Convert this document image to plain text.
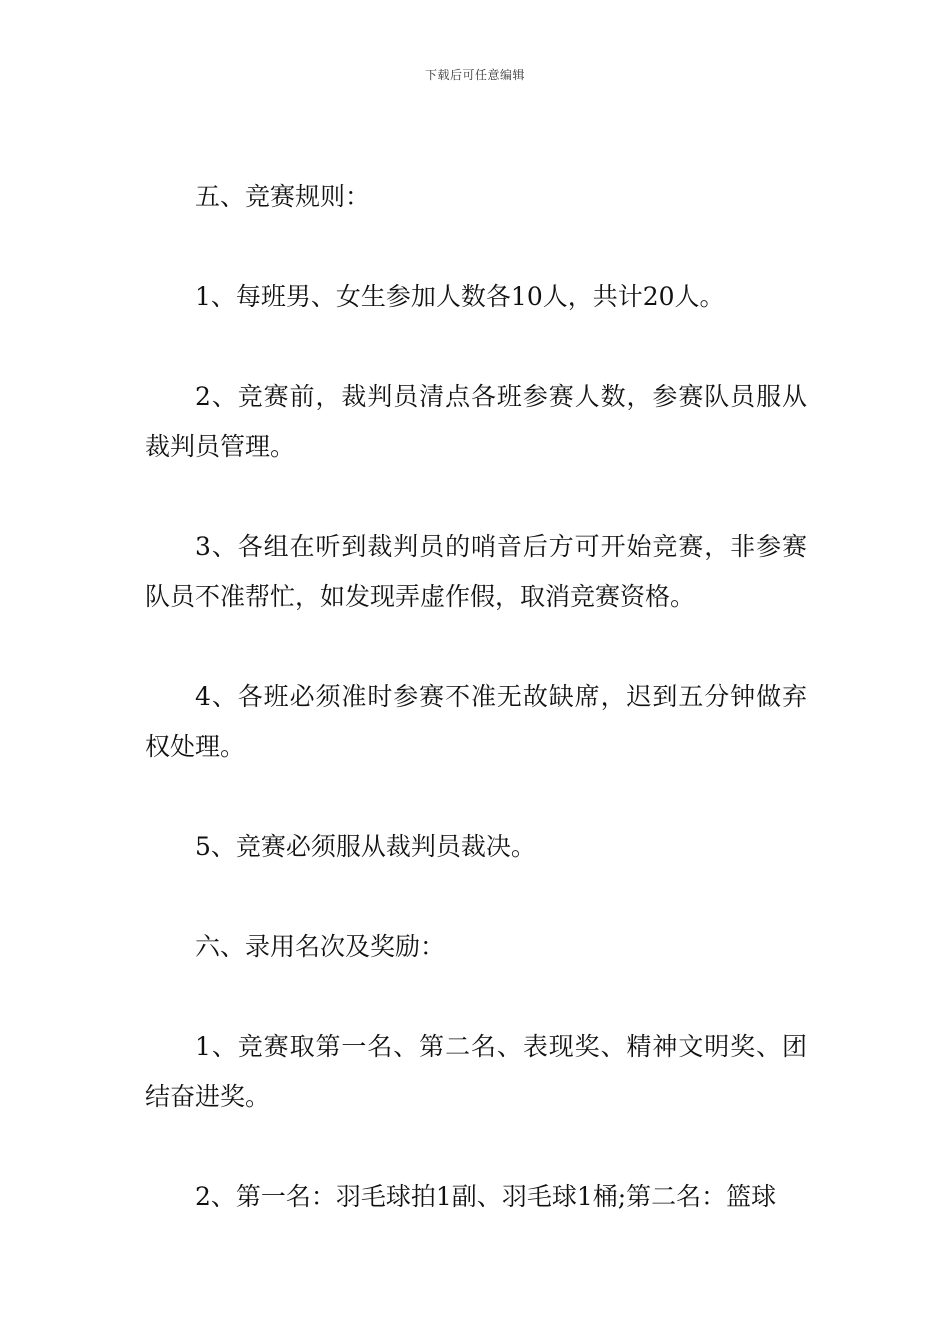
下载后可任意编辑

五、竞赛规则：

1、每班男、女生参加人数各10人，共计20人。

2、竞赛前，裁判员清点各班参赛人数，参赛队员服从裁判员管理。

3、各组在听到裁判员的哨音后方可开始竞赛，非参赛队员不准帮忙，如发现弄虚作假，取消竞赛资格。

4、各班必须准时参赛不准无故缺席，迟到五分钟做弃权处理。

5、竞赛必须服从裁判员裁决。

六、录用名次及奖励：

1、竞赛取第一名、第二名、表现奖、精神文明奖、团结奋进奖。

2、第一名：羽毛球拍1副、羽毛球1桶;第二名：篮球
